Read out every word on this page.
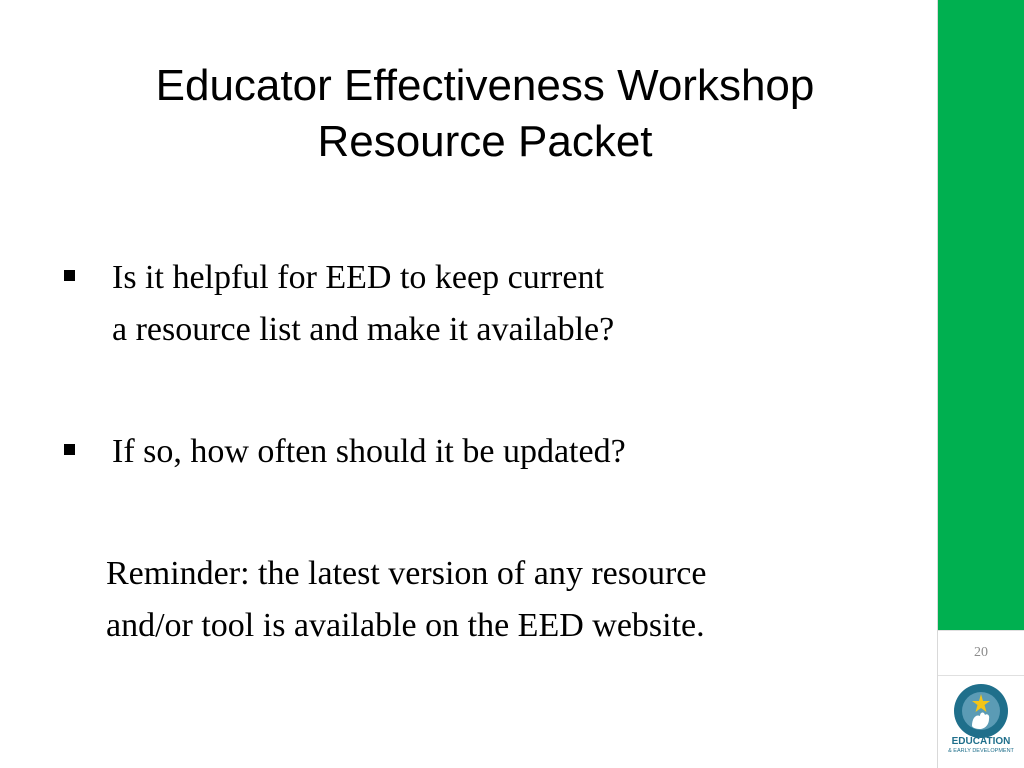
20
EDUCATION
& EARLY DEVELOPMENT
Educator Effectiveness Workshop
Resource Packet
Is it helpful for EED to keep current
a resource list and make it available?
If so, how often should it be updated?
Reminder: the latest version of any resource
and/or tool is available on the EED website.
